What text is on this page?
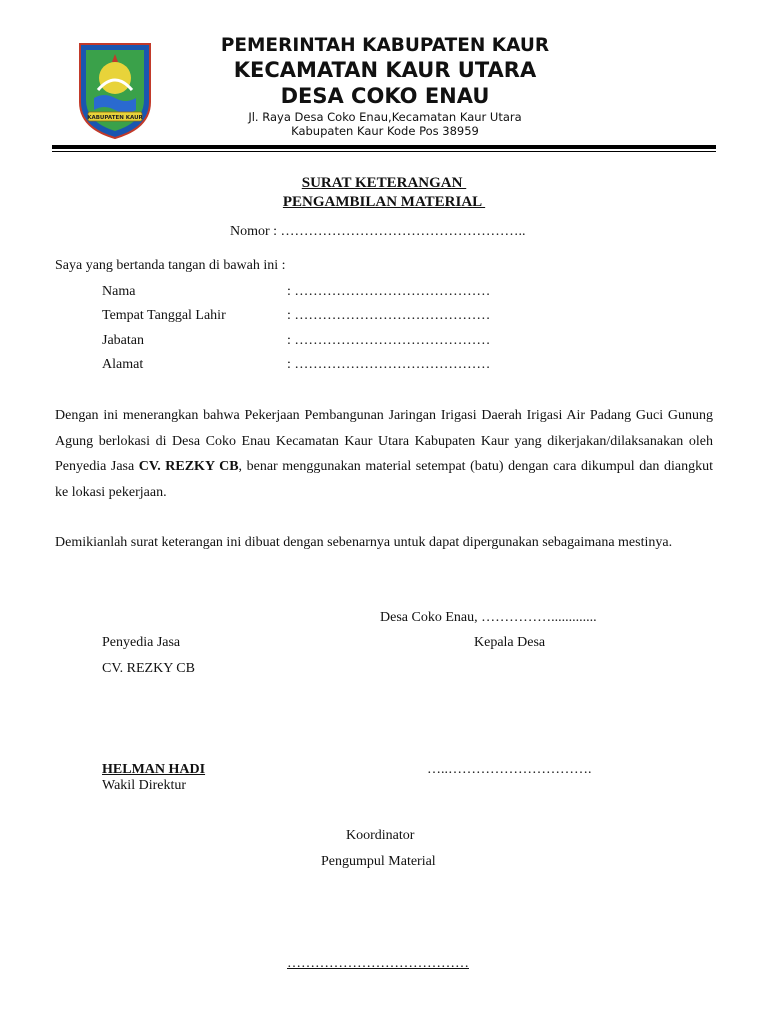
KABUPATEN KAUR
PEMERINTAH KABUPATEN KAUR
KECAMATAN KAUR UTARA
DESA COKO ENAU
Jl. Raya Desa Coko Enau,Kecamatan Kaur Utara
Kabupaten Kaur Kode Pos 38959
SURAT KETERANGAN
PENGAMBILAN MATERIAL
Nomor : ……………………………………………..
Saya yang bertanda tangan di bawah ini :
Nama	: ……………………………………
Tempat Tanggal Lahir	: ……………………………………
Jabatan	: ……………………………………
Alamat	: ……………………………………
Dengan ini menerangkan bahwa Pekerjaan Pembangunan Jaringan Irigasi Daerah Irigasi Air Padang Guci Gunung Agung berlokasi di Desa Coko Enau Kecamatan Kaur Utara Kabupaten Kaur yang dikerjakan/dilaksanakan oleh Penyedia Jasa CV. REZKY CB, benar menggunakan material setempat (batu) dengan cara dikumpul dan diangkut ke lokasi pekerjaan.
Demikianlah surat keterangan ini dibuat dengan sebenarnya untuk dapat dipergunakan sebagaimana mestinya.
Desa Coko Enau, …………….............
Penyedia Jasa	Kepala Desa
CV. REZKY CB
HELMAN HADI
Wakil Direktur
…..………………………….
Koordinator
Pengumpul Material
…………………………………
